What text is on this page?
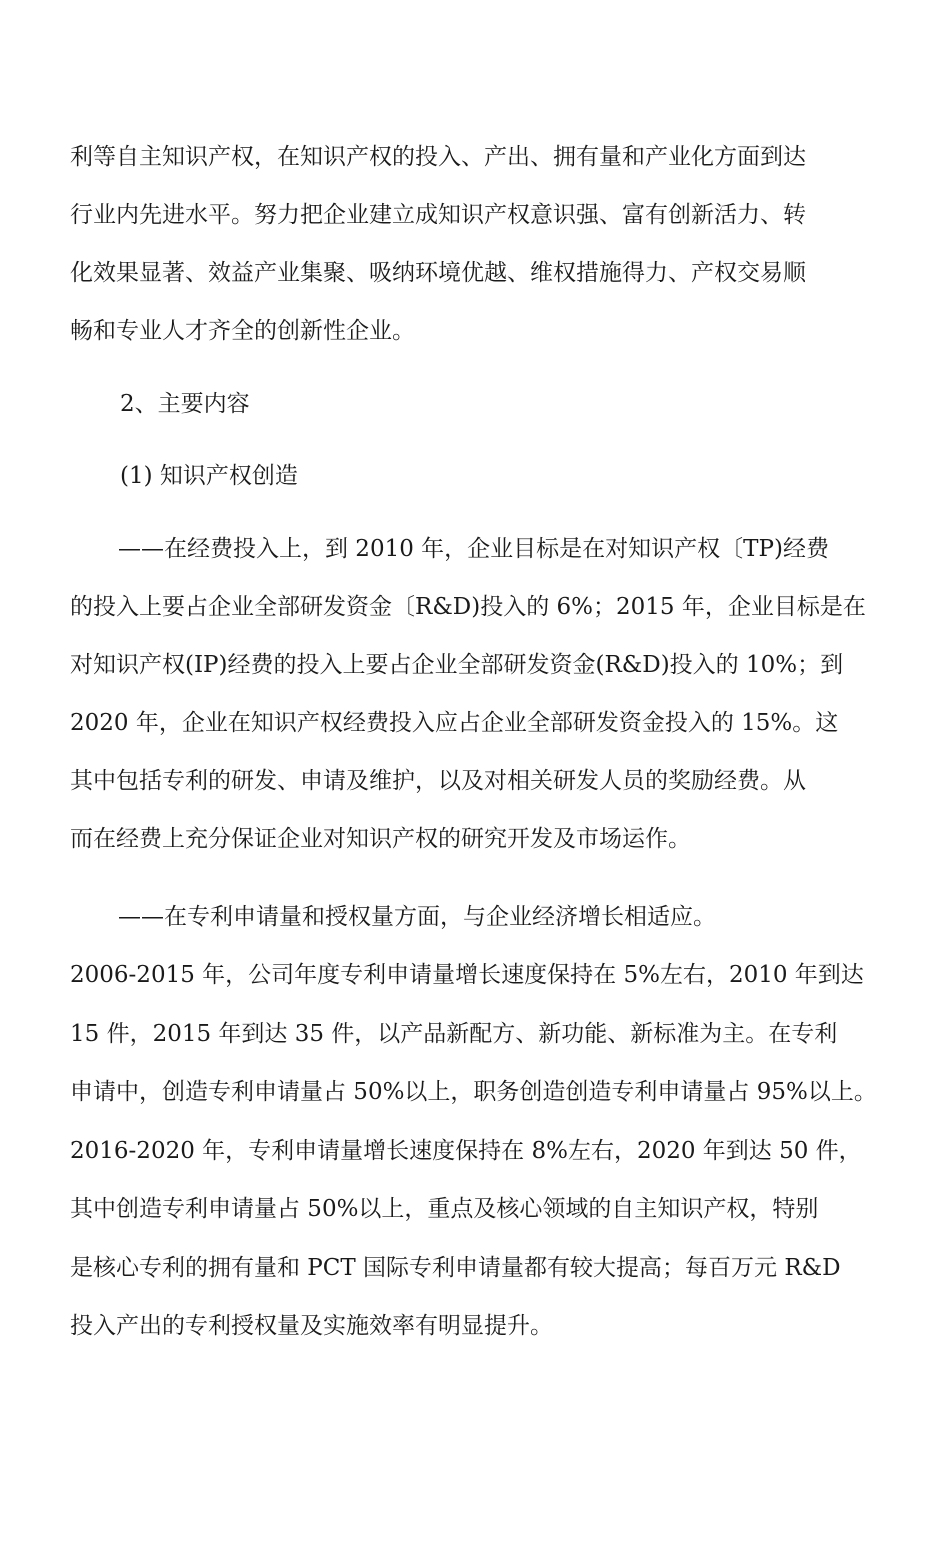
利等自主知识产权，在知识产权的投入、产出、拥有量和产业化方面到达
行业内先进水平。努力把企业建立成知识产权意识强、富有创新活力、转
化效果显著、效益产业集聚、吸纳环境优越、维权措施得力、产权交易顺
畅和专业人才齐全的创新性企业。
2、主要内容
(1) 知识产权创造
——在经费投入上，到 2010 年，企业目标是在对知识产权〔TP)经费
的投入上要占企业全部研发资金〔R&D)投入的 6%；2015 年，企业目标是在
对知识产权(IP)经费的投入上要占企业全部研发资金(R&D)投入的 10%；到
2020 年，企业在知识产权经费投入应占企业全部研发资金投入的 15%。这
其中包括专利的研发、申请及维护，以及对相关研发人员的奖励经费。从
而在经费上充分保证企业对知识产权的研究开发及市场运作。
——在专利申请量和授权量方面，与企业经济增长相适应。
2006-2015 年，公司年度专利申请量增长速度保持在 5%左右，2010 年到达
15 件，2015 年到达 35 件，以产品新配方、新功能、新标准为主。在专利
申请中，创造专利申请量占 50%以上，职务创造创造专利申请量占 95%以上。
2016-2020 年，专利申请量增长速度保持在 8%左右，2020 年到达 50 件，
其中创造专利申请量占 50%以上，重点及核心领域的自主知识产权，特别
是核心专利的拥有量和 PCT 国际专利申请量都有较大提高；每百万元 R&D
投入产出的专利授权量及实施效率有明显提升。
